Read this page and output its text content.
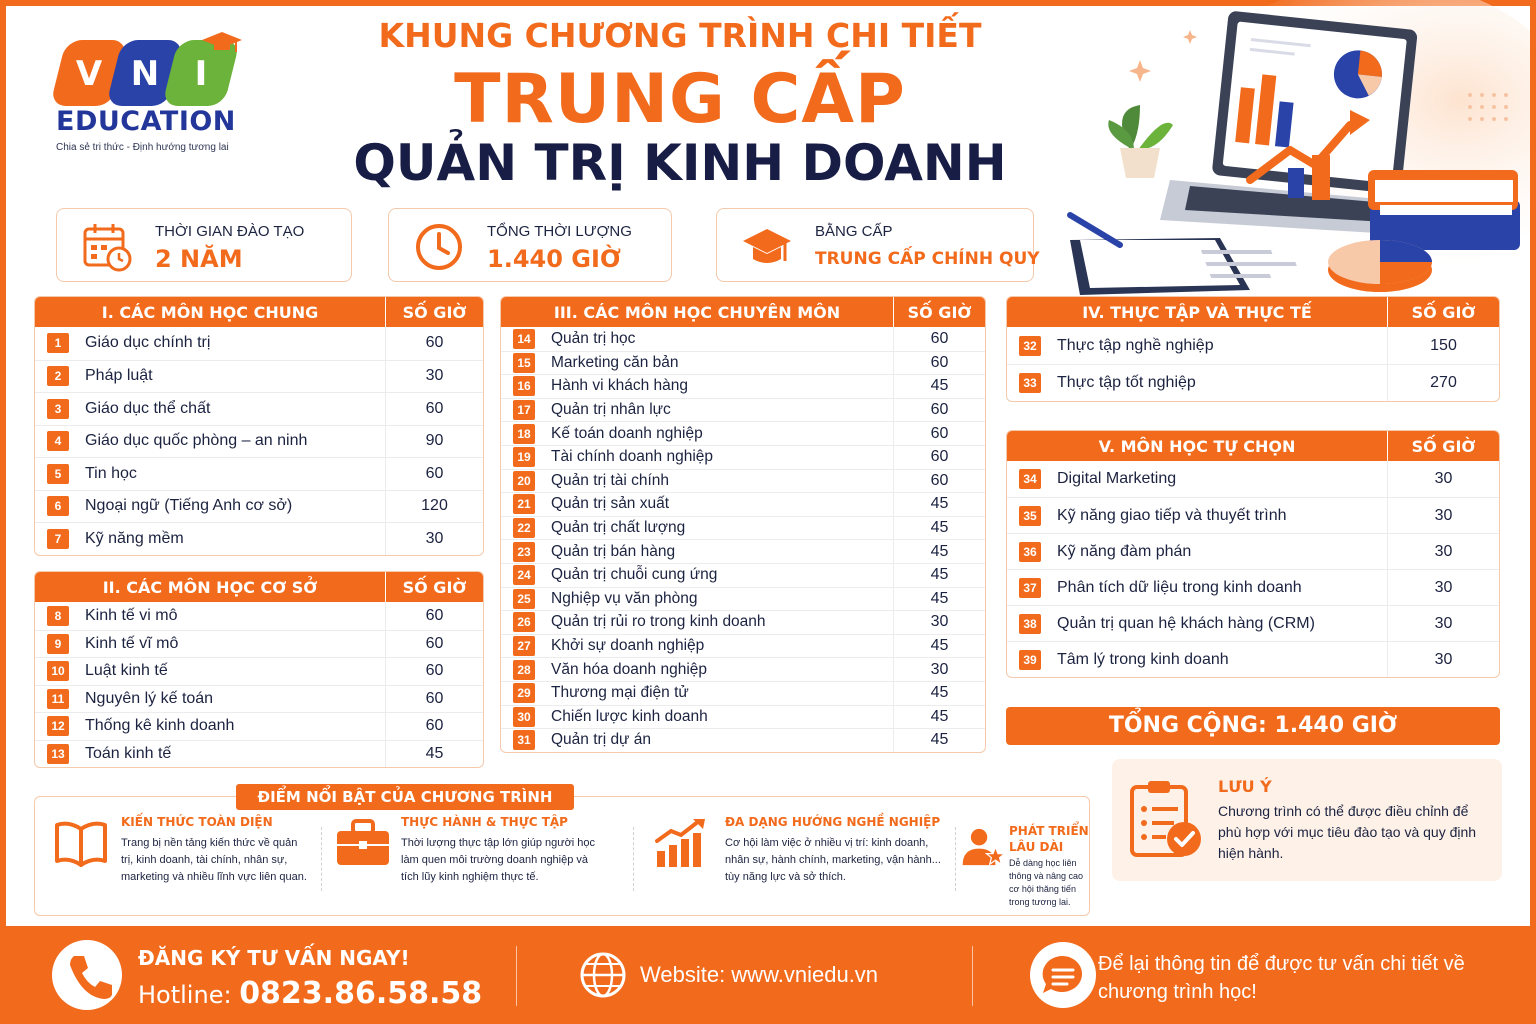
V N	I
EDUCATION
Chia sẻ tri thức - Định hướng tương lai
KHUNG CHƯƠNG TRÌNH CHI TIẾT
TRUNG CẤP
QUẢN TRỊ KINH DOANH
THỜI GIAN ĐÀO TẠO
2 NĂM
TỔNG THỜI LƯỢNG
1.440 GIỜ
BẰNG CẤP
TRUNG CẤP CHÍNH QUY
I. CÁC MÔN HỌC CHUNG	SỐ GIỜ
1	Giáo dục chính trị	60
2	Pháp luật	30
3	Giáo dục thể chất	60
4	Giáo dục quốc phòng – an ninh	90
5	Tin học	60
6	Ngoại ngữ (Tiếng Anh cơ sở)	120
7	Kỹ năng mềm	30
II. CÁC MÔN HỌC CƠ SỞ	SỐ GIỜ
8	Kinh tế vi mô	60
9	Kinh tế vĩ mô	60
10 Luật kinh tế	60
11 Nguyên lý kế toán	60
12 Thống kê kinh doanh	60
13 Toán kinh tế	45
III. CÁC MÔN HỌC CHUYÊN MÔN	SỐ GIỜ
14 Quản trị học	60
15 Marketing căn bản	60
16 Hành vi khách hàng	45
17 Quản trị nhân lực	60
18 Kế toán doanh nghiệp	60
19 Tài chính doanh nghiệp	60
20 Quản trị tài chính	60
21 Quản trị sản xuất	45
22 Quản trị chất lượng	45
23 Quản trị bán hàng	45
24 Quản trị chuỗi cung ứng	45
25 Nghiệp vụ văn phòng	45
26 Quản trị rủi ro trong kinh doanh	30
27 Khởi sự doanh nghiệp	45
28 Văn hóa doanh nghiệp	30
29 Thương mại điện tử	45
30 Chiến lược kinh doanh	45
31 Quản trị dự án	45
IV. THỰC TẬP VÀ THỰC TẾ	SỐ GIỜ
32 Thực tập nghề nghiệp	150
33 Thực tập tốt nghiệp	270
V. MÔN HỌC TỰ CHỌN	SỐ GIỜ
34 Digital Marketing	30
35 Kỹ năng giao tiếp và thuyết trình	30
36 Kỹ năng đàm phán	30
37 Phân tích dữ liệu trong kinh doanh	30
38 Quản trị quan hệ khách hàng (CRM)	30
39 Tâm lý trong kinh doanh	30
TỔNG CỘNG: 1.440 GIỜ
LƯU Ý
Chương trình có thể được điều chỉnh để phù hợp với mục tiêu đào tạo và quy định hiện hành.
KIẾN THỨC TOÀN DIỆN
Trang bị nền tảng kiến thức về quản trị, kinh doanh, tài chính, nhân sự, marketing và nhiều lĩnh vực liên quan.
THỰC HÀNH & THỰC TẬP
Thời lượng thực tập lớn giúp người học làm quen môi trường doanh nghiệp và tích lũy kinh nghiệm thực tế.
ĐA DẠNG HƯỚNG NGHỀ NGHIỆP
Cơ hội làm việc ở nhiều vị trí: kinh doanh, nhân sự, hành chính, marketing, vận hành... tùy năng lực và sở thích.
PHÁT TRIỂN LÂU DÀI
Dễ dàng học liên thông và nâng cao cơ hội thăng tiến trong tương lai.
ĐIỂM NỔI BẬT CỦA CHƯƠNG TRÌNH
ĐĂNG KÝ TƯ VẤN NGAY!
Hotline: 0823.86.58.58
Website: www.vniedu.vn	Để lại thông tin để được tư vấn chi tiết về chương trình học!
